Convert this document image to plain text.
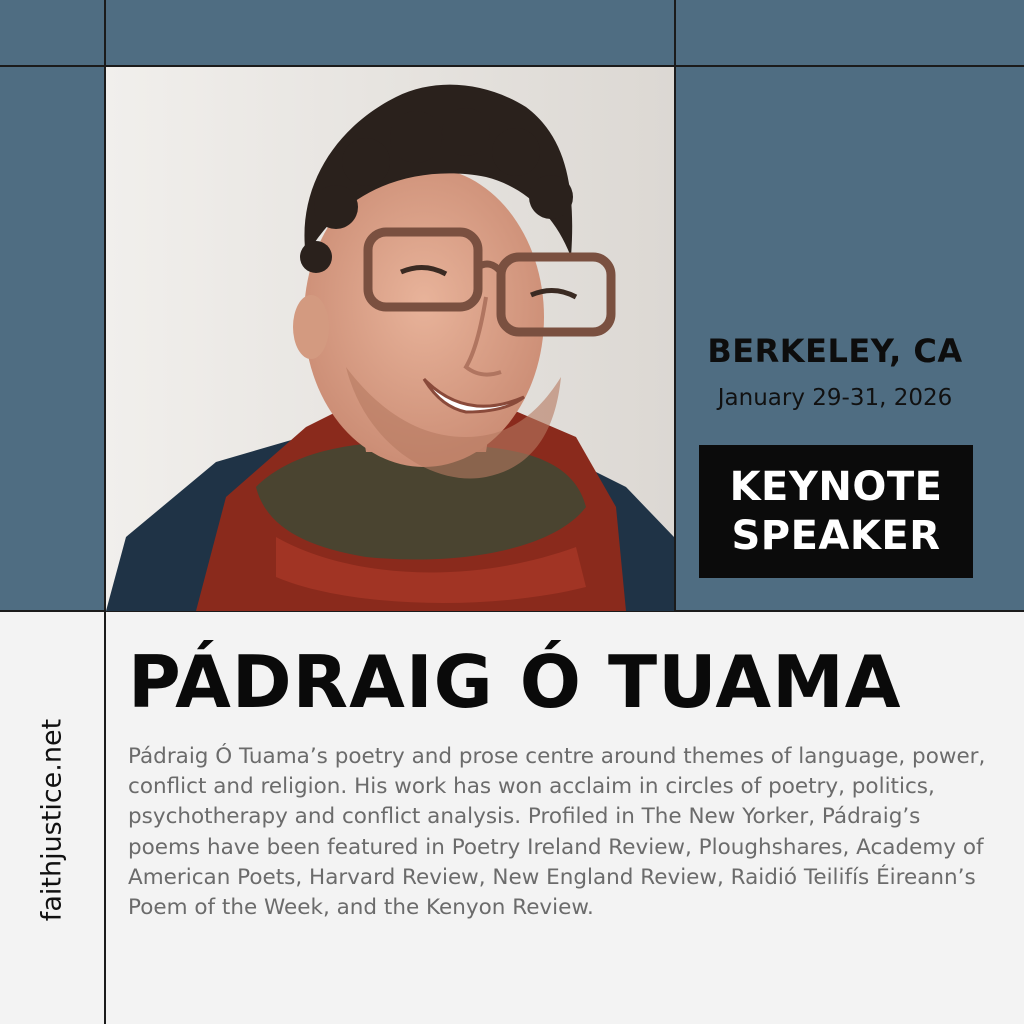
BERKELEY, CA
January 29-31, 2026
KEYNOTE
SPEAKER
PÁDRAIG Ó TUAMA
Pádraig Ó Tuama’s poetry and prose centre around themes of language, power, conflict and religion. His work has won acclaim in circles of poetry, politics, psychotherapy and conflict analysis. Profiled in The New Yorker, Pádraig’s poems have been featured in Poetry Ireland Review, Ploughshares, Academy of American Poets, Harvard Review, New England Review, Raidió Teilifís Éireann’s Poem of the Week, and the Kenyon Review.
faithjustice.net
